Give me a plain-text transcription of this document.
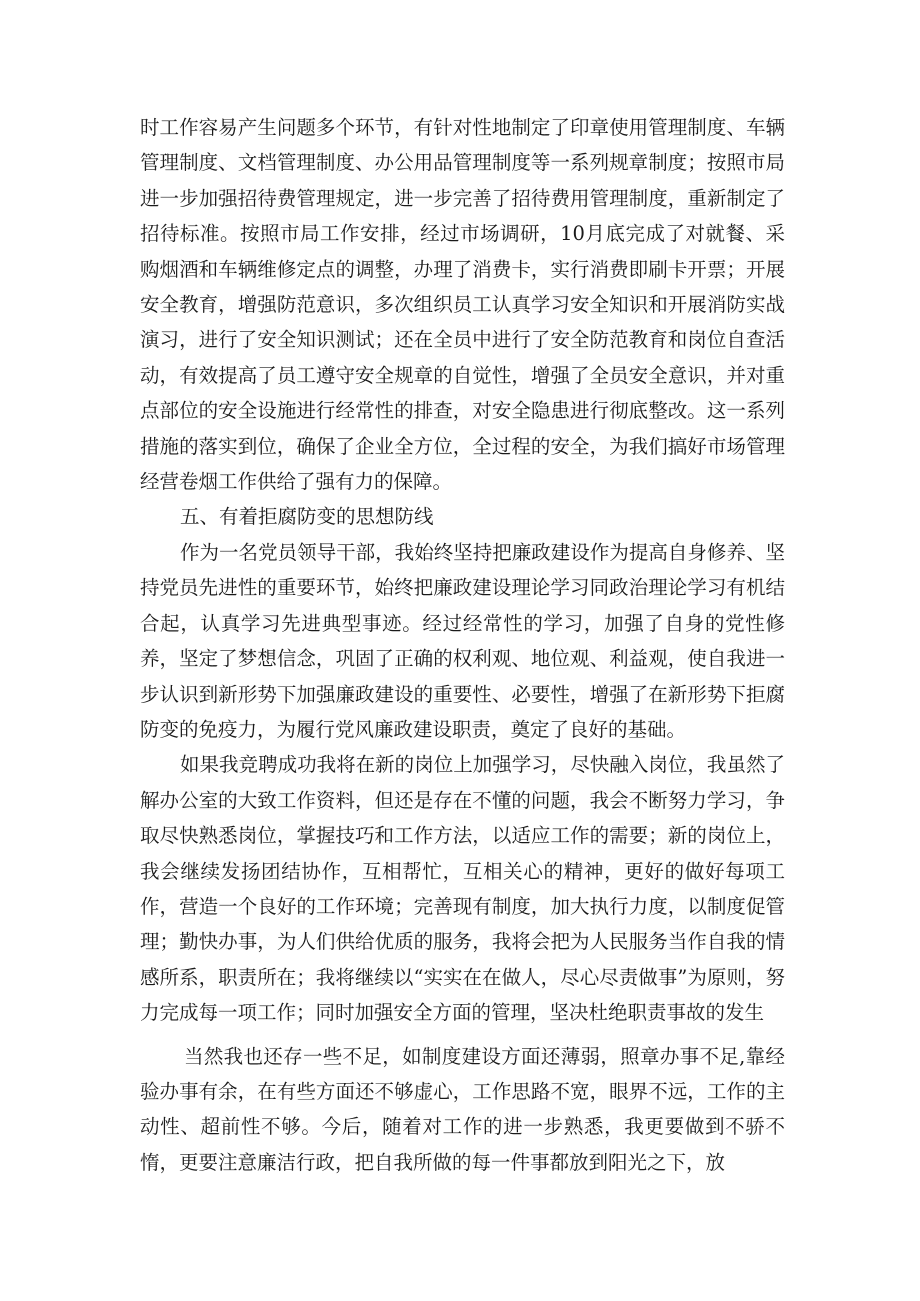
时工作容易产生问题多个环节，有针对性地制定了印章使用管理制度、车辆管理制度、文档管理制度、办公用品管理制度等一系列规章制度；按照市局进一步加强招待费管理规定，进一步完善了招待费用管理制度，重新制定了招待标准。按照市局工作安排，经过市场调研，10月底完成了对就餐、采购烟酒和车辆维修定点的调整，办理了消费卡，实行消费即刷卡开票；开展安全教育，增强防范意识，多次组织员工认真学习安全知识和开展消防实战演习，进行了安全知识测试；还在全员中进行了安全防范教育和岗位自查活动，有效提高了员工遵守安全规章的自觉性，增强了全员安全意识，并对重点部位的安全设施进行经常性的排查，对安全隐患进行彻底整改。这一系列措施的落实到位，确保了企业全方位，全过程的安全，为我们搞好市场管理经营卷烟工作供给了强有力的保障。

五、有着拒腐防变的思想防线

作为一名党员领导干部，我始终坚持把廉政建设作为提高自身修养、坚持党员先进性的重要环节，始终把廉政建设理论学习同政治理论学习有机结合起，认真学习先进典型事迹。经过经常性的学习，加强了自身的党性修养，坚定了梦想信念，巩固了正确的权利观、地位观、利益观，使自我进一步认识到新形势下加强廉政建设的重要性、必要性，增强了在新形势下拒腐防变的免疫力，为履行党风廉政建设职责，奠定了良好的基础。

如果我竞聘成功我将在新的岗位上加强学习，尽快融入岗位，我虽然了解办公室的大致工作资料，但还是存在不懂的问题，我会不断努力学习，争取尽快熟悉岗位，掌握技巧和工作方法，以适应工作的需要；新的岗位上，我会继续发扬团结协作，互相帮忙，互相关心的精神，更好的做好每项工作，营造一个良好的工作环境；完善现有制度，加大执行力度，以制度促管理；勤快办事，为人们供给优质的服务，我将会把为人民服务当作自我的情感所系，职责所在；我将继续以“实实在在做人，尽心尽责做事”为原则，努力完成每一项工作；同时加强安全方面的管理，坚决杜绝职责事故的发生

当然我也还存一些不足，如制度建设方面还薄弱，照章办事不足,靠经验办事有余，在有些方面还不够虚心，工作思路不宽，眼界不远，工作的主动性、超前性不够。今后，随着对工作的进一步熟悉，我更要做到不骄不惰，更要注意廉洁行政，把自我所做的每一件事都放到阳光之下，放
